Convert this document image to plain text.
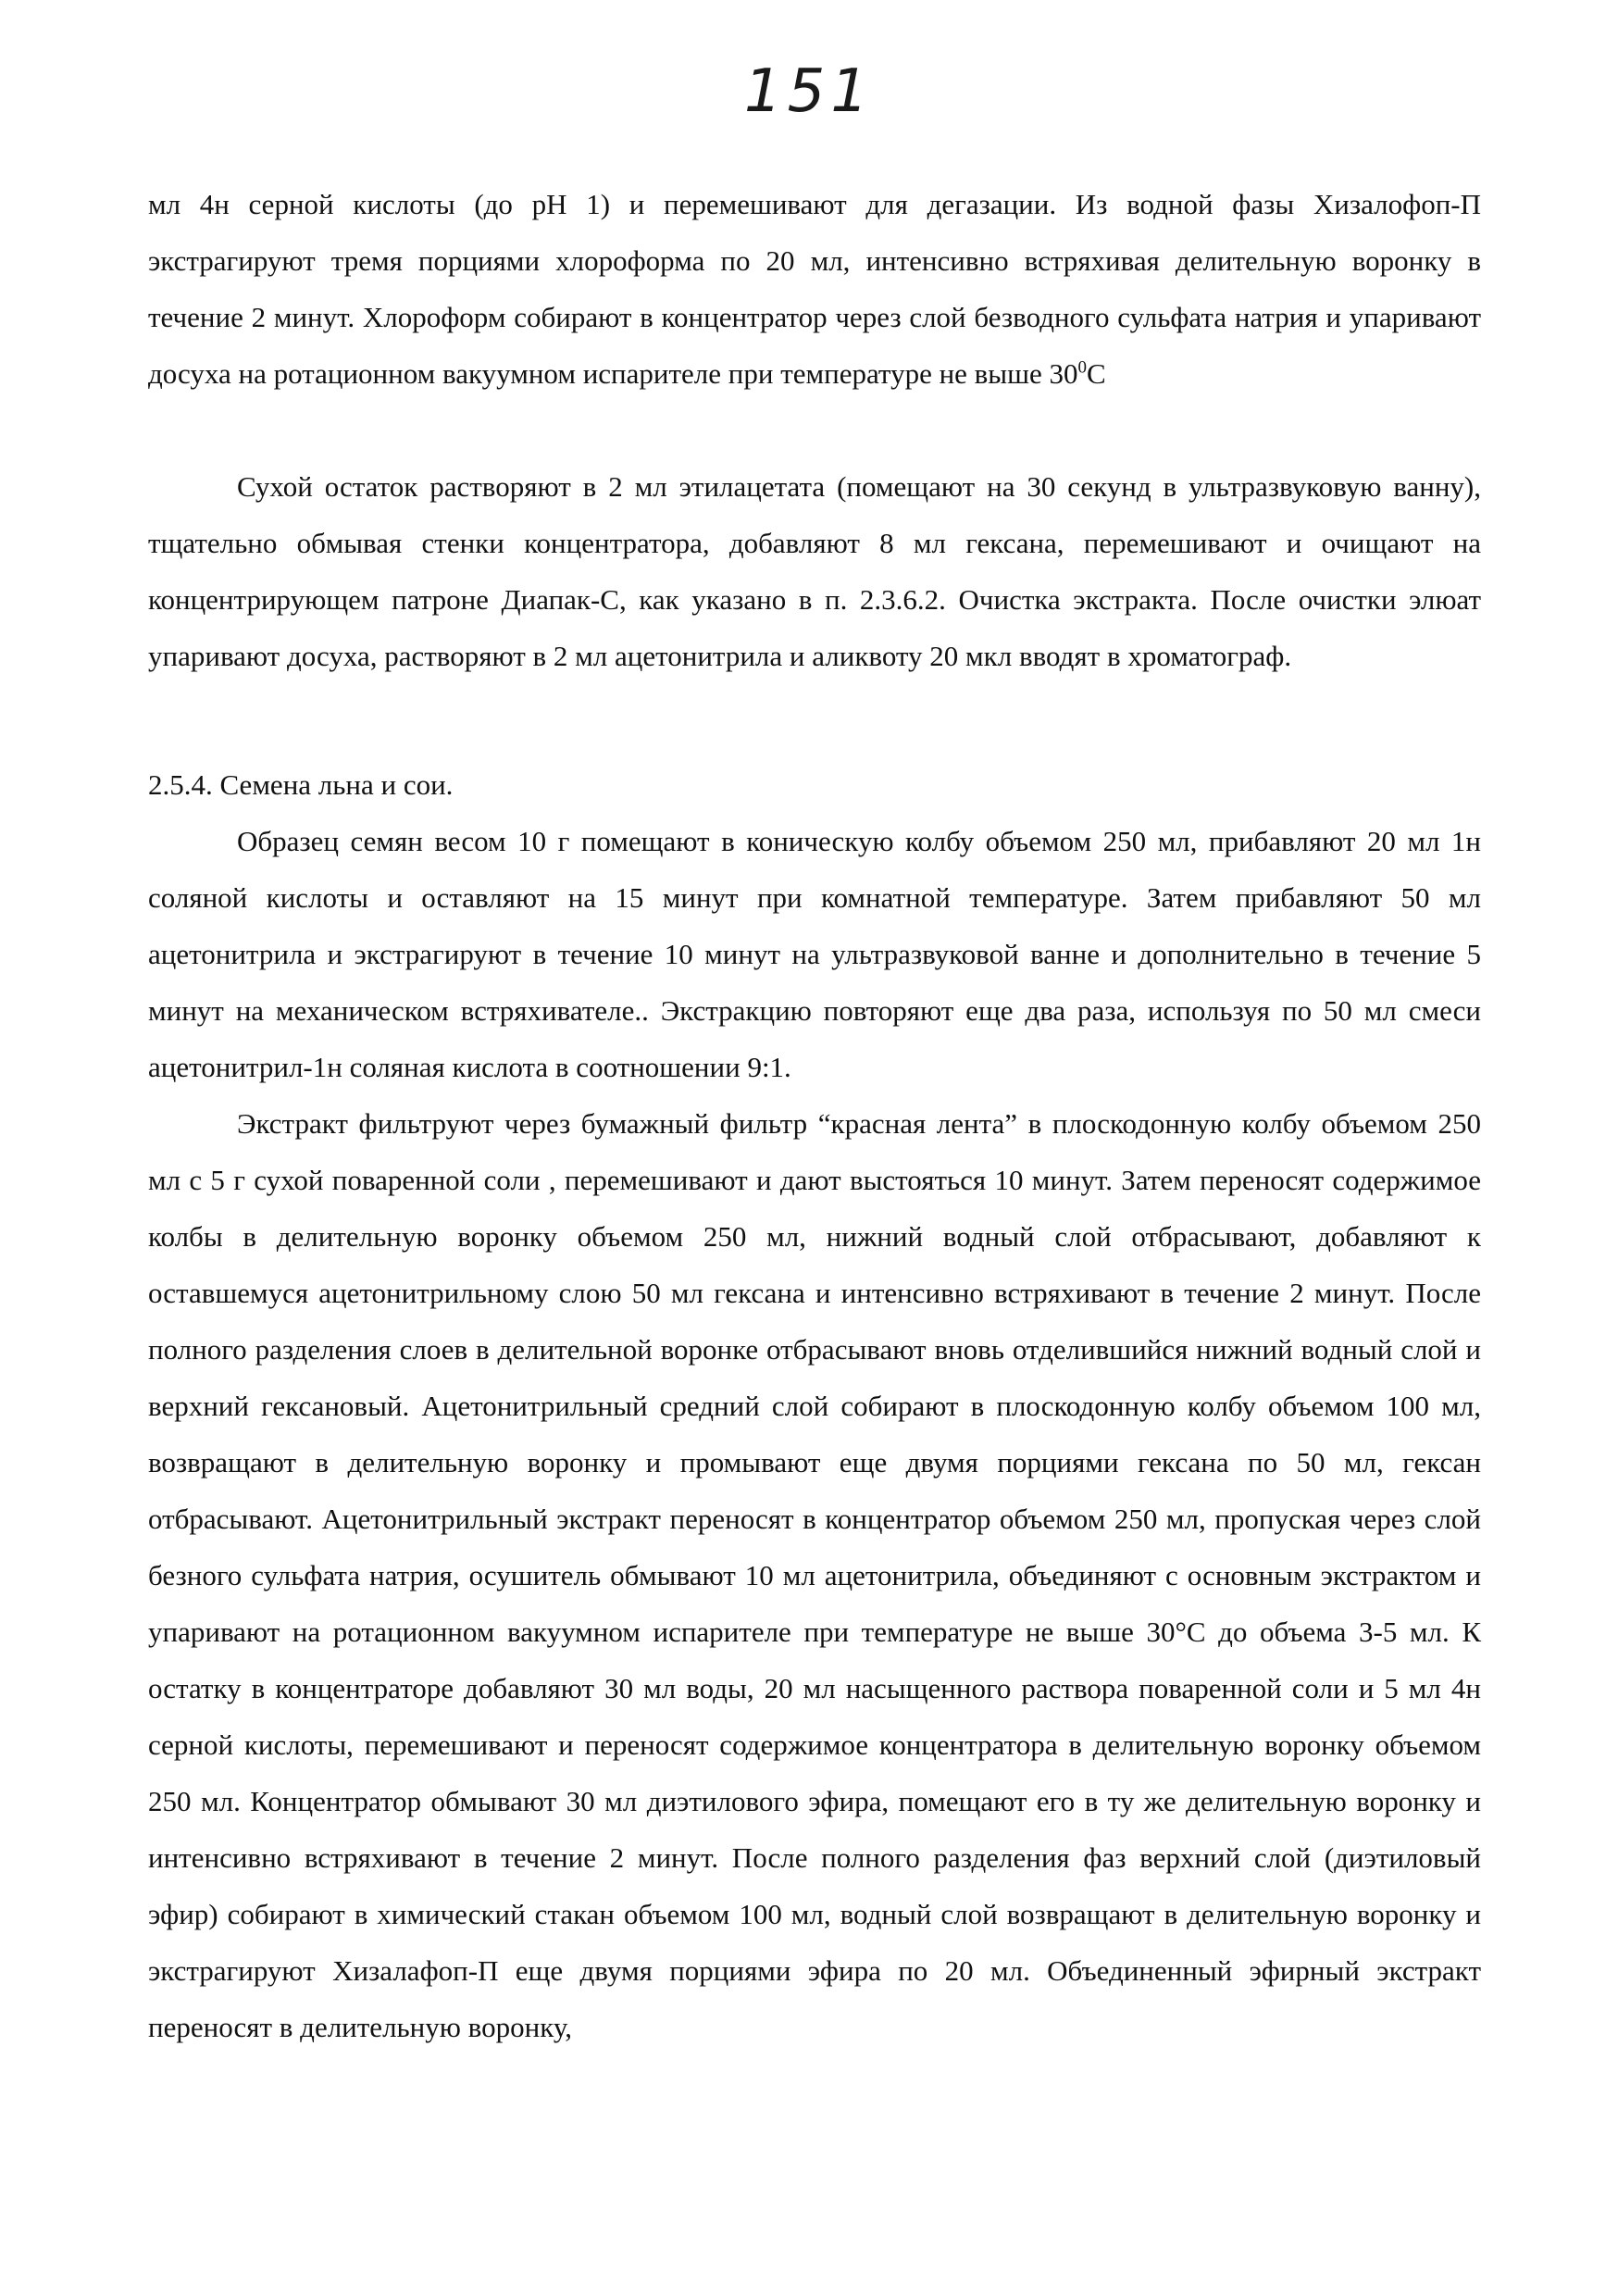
151

мл 4н серной кислоты (до pH 1) и перемешивают для дегазации. Из водной фазы Хизалофоп-П экстрагируют тремя порциями хлороформа по 20 мл, интенсивно встряхивая делительную воронку в течение 2 минут. Хлороформ собирают в концентратор через слой безводного сульфата натрия и упаривают досуха на ротационном вакуумном испарителе при температуре не выше $30^0С$

Сухой остаток растворяют в 2 мл этилацетата (помещают на 30 секунд в ультразвуковую ванну), тщательно обмывая стенки концентратора, добавляют 8 мл гексана, перемешивают и очищают на концентрирующем патроне Диапак-С, как указано в п. 2.3.6.2. Очистка экстракта. После очистки элюат упаривают досуха, растворяют в 2 мл ацетонитрила и аликвоту 20 мкл вводят в хроматограф.

2.5.4. Семена льна и сои.

Образец семян весом 10 г помещают в коническую колбу объемом 250 мл, прибавляют 20 мл 1н соляной кислоты и оставляют на 15 минут при комнатной температуре. Затем прибавляют 50 мл ацетонитрила и экстрагируют в течение 10 минут на ультразвуковой ванне и дополнительно в течение 5 минут на механическом встряхивателе.. Экстракцию повторяют еще два раза, используя по 50 мл смеси ацетонитрил-1н соляная кислота в соотношении 9:1.

Экстракт фильтруют через бумажный фильтр “красная лента” в плоскодонную колбу объемом 250 мл с 5 г сухой поваренной соли , перемешивают и дают выстояться 10 минут. Затем переносят содержимое колбы в делительную воронку объемом 250 мл, нижний водный слой отбрасывают, добавляют к оставшемуся ацетонитрильному слою 50 мл гексана и интенсивно встряхивают в течение 2 минут. После полного разделения слоев в делительной воронке отбрасывают вновь отделившийся нижний водный слой и верхний гексановый. Ацетонитрильный средний слой собирают в плоскодонную колбу объемом 100 мл, возвращают в делительную воронку и промывают еще двумя порциями гексана по 50 мл, гексан отбрасывают. Ацетонитрильный экстракт переносят в концентратор объемом 250 мл, пропуская через слой безного сульфата натрия, осушитель обмывают 10 мл ацетонитрила, объединяют с основным экстрактом и упаривают на ротационном вакуумном испарителе при температуре не выше 30°С до объема 3-5 мл. К остатку в концентраторе добавляют 30 мл воды, 20 мл насыщенного раствора поваренной соли и 5 мл 4н серной кислоты, перемешивают и переносят содержимое концентратора в делительную воронку объемом 250 мл. Концентратор обмывают 30 мл диэтилового эфира, помещают его в ту же делительную воронку и интенсивно встряхивают в течение 2 минут. После полного разделения фаз верхний слой (диэтиловый эфир) собирают в химический стакан объемом 100 мл, водный слой возвращают в делительную воронку и экстрагируют Хизалафоп-П еще двумя порциями эфира по 20 мл. Объединенный эфирный экстракт переносят в делительную воронку,
